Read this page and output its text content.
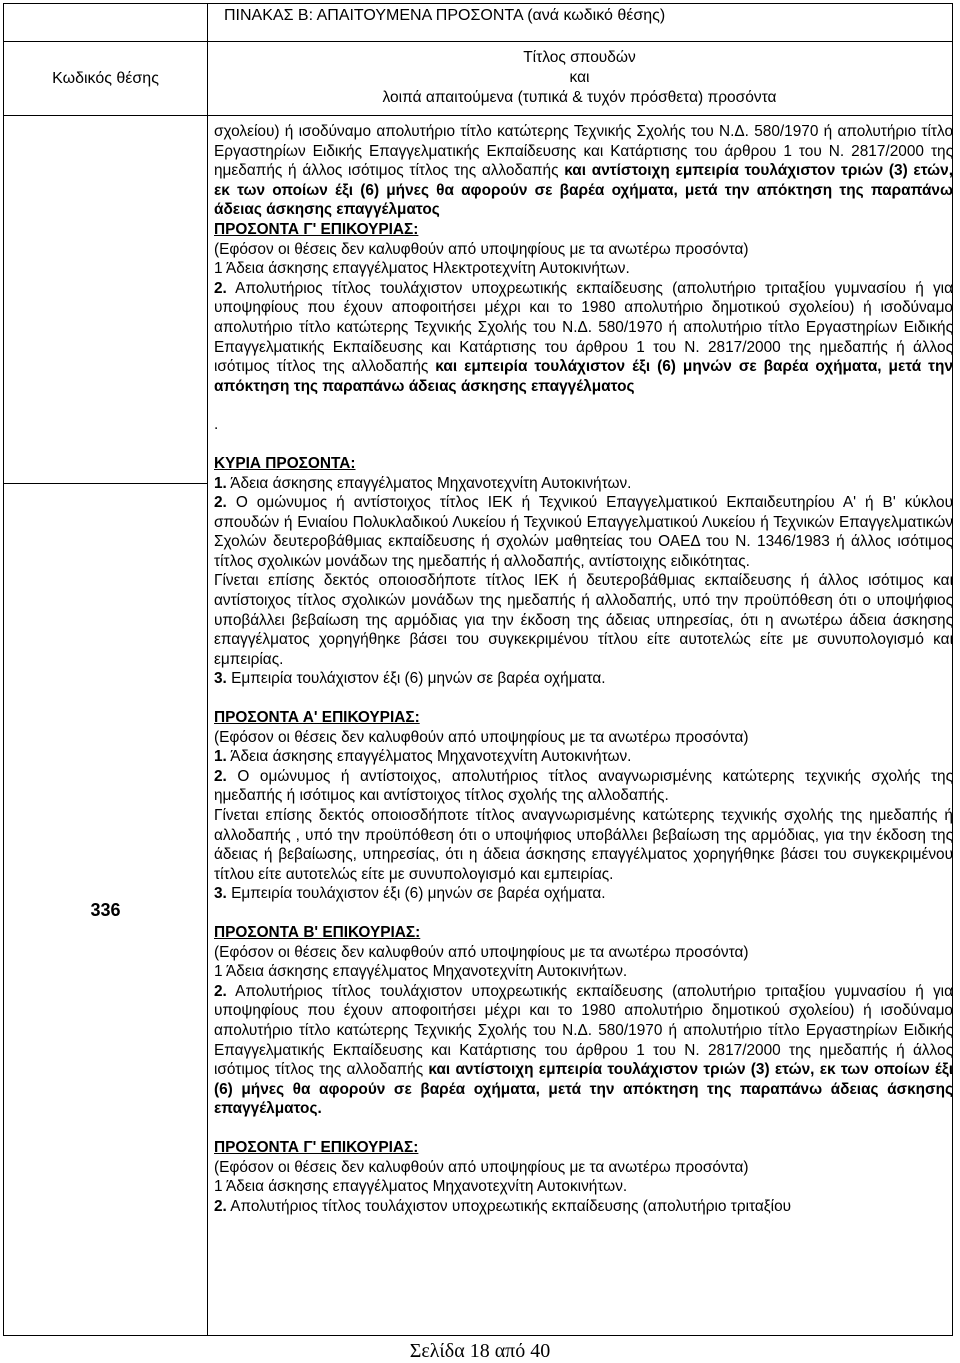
ΠΙΝΑΚΑΣ Β: ΑΠΑΙΤΟΥΜΕΝΑ ΠΡΟΣΟΝΤΑ (ανά κωδικό θέσης)
Κωδικός θέσης
Τίτλος σπουδών
και
λοιπά απαιτούμενα (τυπικά & τυχόν πρόσθετα) προσόντα
336

σχολείου) ή ισοδύναμο απολυτήριο τίτλο κατώτερης Τεχνικής Σχολής του Ν.Δ. 580/1970 ή απολυτήριο τίτλο Εργαστηρίων Ειδικής Επαγγελματικής Εκπαίδευσης και Κατάρτισης του άρθρου 1 του Ν. 2817/2000 της ημεδαπής ή άλλος ισότιμος τίτλος της αλλοδαπής και αντίστοιχη εμπειρία τουλάχιστον τριών (3) ετών, εκ των οποίων έξι (6) μήνες θα αφορούν σε βαρέα οχήματα, μετά την απόκτηση της παραπάνω άδειας άσκησης επαγγέλματος

ΠΡΟΣΟΝΤΑ Γ' ΕΠΙΚΟΥΡΙΑΣ:

(Εφόσον οι θέσεις δεν καλυφθούν από υποψηφίους με τα ανωτέρω προσόντα)

1 Άδεια άσκησης επαγγέλματος Ηλεκτροτεχνίτη Αυτοκινήτων.

2. Απολυτήριος τίτλος τουλάχιστον υποχρεωτικής εκπαίδευσης (απολυτήριο τριταξίου γυμνασίου ή για υποψηφίους που έχουν αποφοιτήσει μέχρι και το 1980 απολυτήριο δημοτικού σχολείου) ή ισοδύναμο απολυτήριο τίτλο κατώτερης Τεχνικής Σχολής του Ν.Δ. 580/1970 ή απολυτήριο τίτλο Εργαστηρίων Ειδικής Επαγγελματικής Εκπαίδευσης και Κατάρτισης του άρθρου 1 του Ν. 2817/2000 της ημεδαπής ή άλλος ισότιμος τίτλος της αλλοδαπής και εμπειρία τουλάχιστον έξι (6) μηνών σε βαρέα οχήματα, μετά την απόκτηση της παραπάνω άδειας άσκησης επαγγέλματος

.

ΚΥΡΙΑ ΠΡΟΣΟΝΤΑ:

1. Άδεια άσκησης επαγγέλματος Μηχανοτεχνίτη Αυτοκινήτων.

2. Ο ομώνυμος ή αντίστοιχος τίτλος ΙΕΚ ή Τεχνικού Επαγγελματικού Εκπαιδευτηρίου Α' ή Β' κύκλου σπουδών ή Ενιαίου Πολυκλαδικού Λυκείου ή Τεχνικού Επαγγελματικού Λυκείου ή Τεχνικών Επαγγελματικών Σχολών δευτεροβάθμιας εκπαίδευσης ή σχολών μαθητείας του ΟΑΕΔ του Ν. 1346/1983 ή άλλος ισότιμος τίτλος σχολικών μονάδων της ημεδαπής ή αλλοδαπής, αντίστοιχης ειδικότητας.

Γίνεται επίσης δεκτός οποιοσδήποτε τίτλος ΙΕΚ ή δευτεροβάθμιας εκπαίδευσης ή άλλος ισότιμος και αντίστοιχος τίτλος σχολικών μονάδων της ημεδαπής ή αλλοδαπής, υπό την προϋπόθεση ότι ο υποψήφιος υποβάλλει βεβαίωση της αρμόδιας για την έκδοση της άδειας υπηρεσίας, ότι η ανωτέρω άδεια άσκησης επαγγέλματος χορηγήθηκε βάσει του συγκεκριμένου τίτλου είτε αυτοτελώς είτε με συνυπολογισμό και εμπειρίας.

3. Εμπειρία τουλάχιστον έξι (6) μηνών σε βαρέα οχήματα.

ΠΡΟΣΟΝΤΑ Α' ΕΠΙΚΟΥΡΙΑΣ:

(Εφόσον οι θέσεις δεν καλυφθούν από υποψηφίους με τα ανωτέρω προσόντα)

1. Άδεια άσκησης επαγγέλματος Μηχανοτεχνίτη Αυτοκινήτων.

2. Ο ομώνυμος ή αντίστοιχος, απολυτήριος τίτλος αναγνωρισμένης κατώτερης τεχνικής σχολής της ημεδαπής ή ισότιμος και αντίστοιχος τίτλος σχολής της αλλοδαπής.

Γίνεται επίσης δεκτός οποιοσδήποτε τίτλος αναγνωρισμένης κατώτερης τεχνικής σχολής της ημεδαπής ή αλλοδαπής , υπό την προϋπόθεση ότι ο υποψήφιος υποβάλλει βεβαίωση της αρμόδιας, για την έκδοση της άδειας ή βεβαίωσης, υπηρεσίας, ότι η άδεια άσκησης επαγγέλματος χορηγήθηκε βάσει του συγκεκριμένου τίτλου είτε αυτοτελώς είτε με συνυπολογισμό και εμπειρίας.

3. Εμπειρία τουλάχιστον έξι (6) μηνών σε βαρέα οχήματα.

ΠΡΟΣΟΝΤΑ Β' ΕΠΙΚΟΥΡΙΑΣ:

(Εφόσον οι θέσεις δεν καλυφθούν από υποψηφίους με τα ανωτέρω προσόντα)

1 Άδεια άσκησης επαγγέλματος Μηχανοτεχνίτη Αυτοκινήτων.

2. Απολυτήριος τίτλος τουλάχιστον υποχρεωτικής εκπαίδευσης (απολυτήριο τριταξίου γυμνασίου ή για υποψηφίους που έχουν αποφοιτήσει μέχρι και το 1980 απολυτήριο δημοτικού σχολείου) ή ισοδύναμο απολυτήριο τίτλο κατώτερης Τεχνικής Σχολής του Ν.Δ. 580/1970 ή απολυτήριο τίτλο Εργαστηρίων Ειδικής Επαγγελματικής Εκπαίδευσης και Κατάρτισης του άρθρου 1 του Ν. 2817/2000 της ημεδαπής ή άλλος ισότιμος τίτλος της αλλοδαπής και αντίστοιχη εμπειρία τουλάχιστον τριών (3) ετών, εκ των οποίων έξι (6) μήνες θα αφορούν σε βαρέα οχήματα, μετά την απόκτηση της παραπάνω άδειας άσκησης επαγγέλματος.

ΠΡΟΣΟΝΤΑ Γ' ΕΠΙΚΟΥΡΙΑΣ:

(Εφόσον οι θέσεις δεν καλυφθούν από υποψηφίους με τα ανωτέρω προσόντα)

1 Άδεια άσκησης επαγγέλματος Μηχανοτεχνίτη Αυτοκινήτων.

2. Απολυτήριος τίτλος τουλάχιστον υποχρεωτικής εκπαίδευσης (απολυτήριο τριταξίου

Σελίδα 18 από 40
